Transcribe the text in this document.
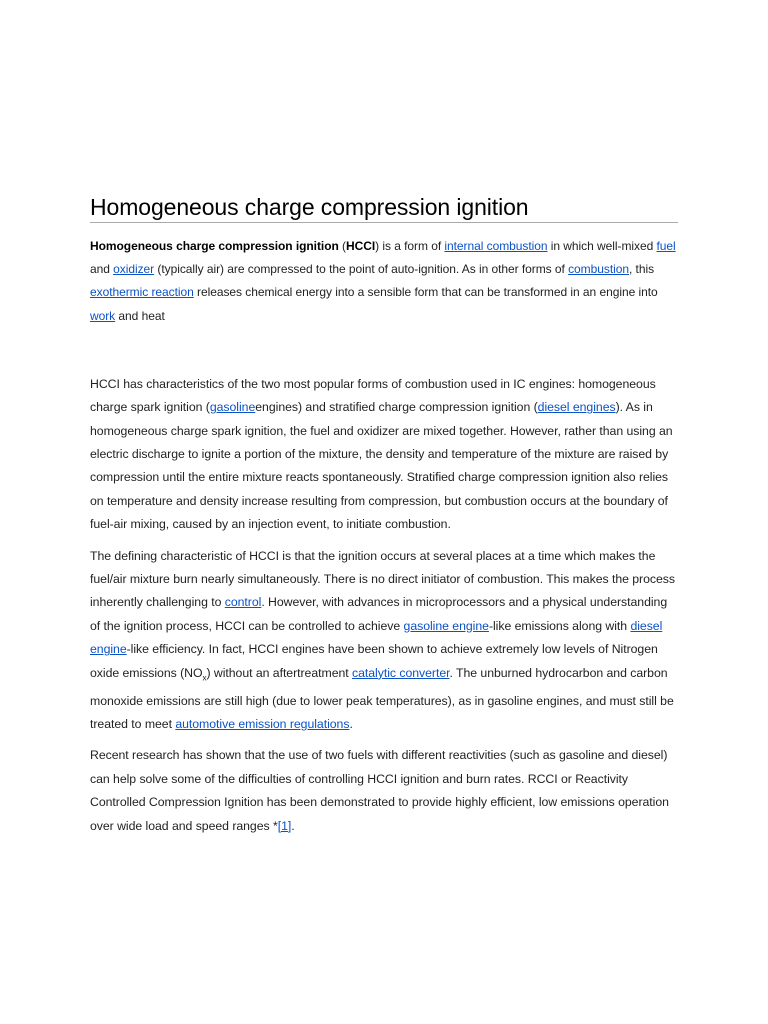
Homogeneous charge compression ignition

Homogeneous charge compression ignition (HCCI) is a form of internal combustion in which well-mixed fuel and oxidizer (typically air) are compressed to the point of auto-ignition. As in other forms of combustion, this exothermic reaction releases chemical energy into a sensible form that can be transformed in an engine into work and heat

HCCI has characteristics of the two most popular forms of combustion used in IC engines: homogeneous charge spark ignition (gasolineengines) and stratified charge compression ignition (diesel engines). As in homogeneous charge spark ignition, the fuel and oxidizer are mixed together. However, rather than using an electric discharge to ignite a portion of the mixture, the density and temperature of the mixture are raised by compression until the entire mixture reacts spontaneously. Stratified charge compression ignition also relies on temperature and density increase resulting from compression, but combustion occurs at the boundary of fuel-air mixing, caused by an injection event, to initiate combustion.

The defining characteristic of HCCI is that the ignition occurs at several places at a time which makes the fuel/air mixture burn nearly simultaneously. There is no direct initiator of combustion. This makes the process inherently challenging to control. However, with advances in microprocessors and a physical understanding of the ignition process, HCCI can be controlled to achieve gasoline engine-like emissions along with diesel engine-like efficiency. In fact, HCCI engines have been shown to achieve extremely low levels of Nitrogen oxide emissions $(NO_x)$ without an aftertreatment catalytic converter. The unburned hydrocarbon and carbon monoxide emissions are still high (due to lower peak temperatures), as in gasoline engines, and must still be treated to meet automotive emission regulations.

Recent research has shown that the use of two fuels with different reactivities (such as gasoline and diesel) can help solve some of the difficulties of controlling HCCI ignition and burn rates. RCCI or Reactivity Controlled Compression Ignition has been demonstrated to provide highly efficient, low emissions operation over wide load and speed ranges *[1].
